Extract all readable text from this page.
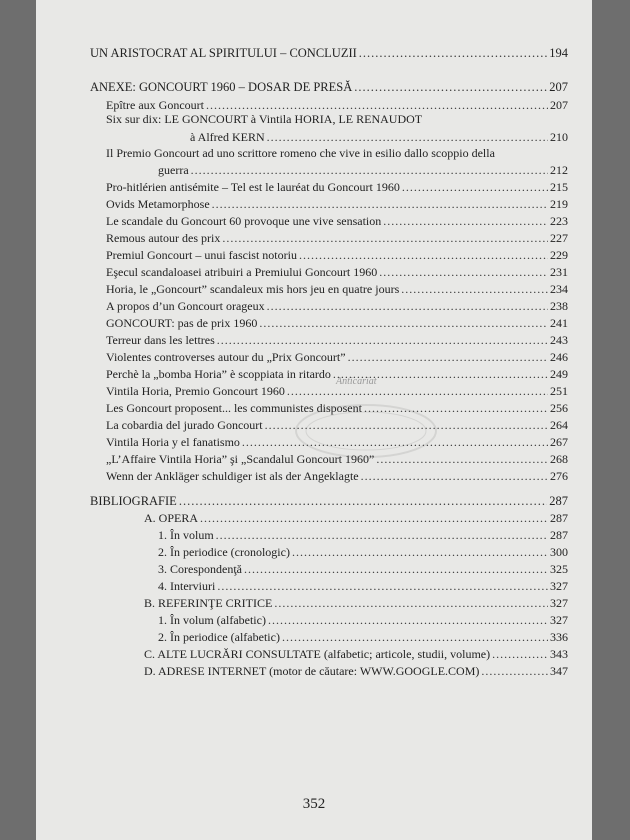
UN ARISTOCRAT AL SPIRITULUI – CONCLUZII .....	194
ANEXE: GONCOURT 1960 – DOSAR DE PRESĂ .....	207
Epître aux Goncourt .....	207
Six sur dix: LE GONCOURT à Vintila HORIA, LE RENAUDOT
à Alfred KERN .....	210
Il Premio Goncourt ad uno scrittore romeno che vive in esilio dallo scoppio della
guerra .....	212
Pro-hitlérien antisémite – Tel est le lauréat du Goncourt 1960 .....	215
Ovids Metamorphose .....	219
Le scandale du Goncourt 60 provoque une vive sensation .....	223
Remous autour des prix .....	227
Premiul Goncourt – unui fascist notoriu .....	229
Eşecul scandaloasei atribuiri a Premiului Goncourt 1960 .....	231
Horia, le „Goncourt” scandaleux mis hors jeu en quatre jours .....	234
A propos d’un Goncourt orageux .....	238
GONCOURT: pas de prix 1960 .....	241
Terreur dans les lettres .....	243
Violentes controverses autour du „Prix Goncourt” .....	246
Perchè la „bomba Horia” è scoppiata in ritardo .....	249
Vintila Horia, Premio Goncourt 1960 .....	251
Les Goncourt proposent... les communistes disposent .....	256
La cobardia del jurado Goncourt .....	264
Vintila Horia y el fanatismo .....	267
„L’Affaire Vintila Horia” şi „Scandalul Goncourt 1960” .....	268
Wenn der Ankläger schuldiger ist als der Angeklagte .....	276
BIBLIOGRAFIE .....	287
A. OPERA .....	287
1. În volum .....	287
2. În periodice (cronologic) .....	300
3. Corespondenţă .....	325
4. Interviuri .....	327
B. REFERINŢE CRITICE .....	327
1. În volum (alfabetic) .....	327
2. În periodice (alfabetic) .....	336
C. ALTE LUCRĂRI CONSULTATE (alfabetic; articole, studii, volume) .....	343
D. ADRESE INTERNET (motor de căutare: WWW.GOOGLE.COM) .....	347
Anticariat
352
